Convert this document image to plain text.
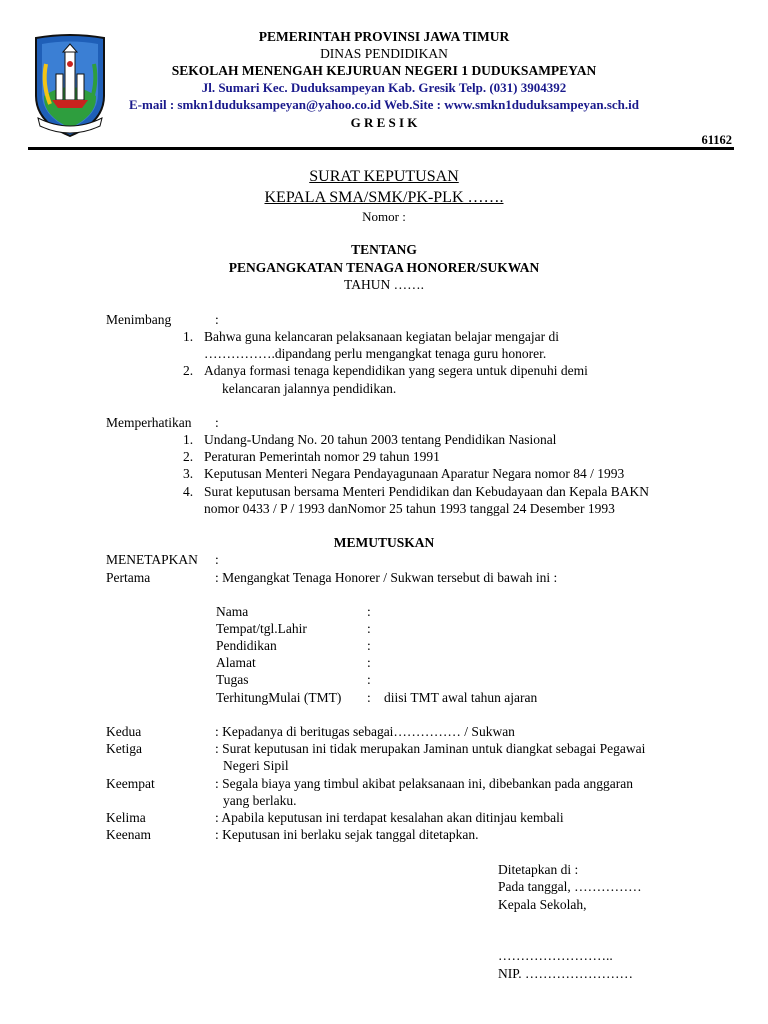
PEMERINTAH PROVINSI JAWA TIMUR
DINAS PENDIDIKAN
SEKOLAH MENENGAH KEJURUAN NEGERI 1 DUDUKSAMPEYAN
Jl. Sumari Kec. Duduksampeyan Kab. Gresik Telp. (031) 3904392
E-mail : smkn1duduksampeyan@yahoo.co.id Web.Site : www.smkn1duduksampeyan.sch.id
G R E S I K
61162
SURAT KEPUTUSAN
KEPALA SMA/SMK/PK-PLK …….
Nomor :
TENTANG
PENGANGKATAN TENAGA HONORER/SUKWAN
TAHUN …….
Menimbang	:
1. Bahwa guna kelancaran pelaksanaan kegiatan belajar mengajar di
…………….dipandang perlu mengangkat tenaga guru honorer.
2. Adanya formasi tenaga kependidikan yang segera untuk dipenuhi demi
kelancaran jalannya pendidikan.
Memperhatikan :
1. Undang-Undang No. 20 tahun 2003 tentang Pendidikan Nasional
2. Peraturan Pemerintah nomor 29 tahun 1991
3. Keputusan Menteri Negara Pendayagunaan Aparatur Negara nomor 84 / 1993
4. Surat keputusan bersama Menteri Pendidikan dan Kebudayaan dan Kepala BAKN
nomor 0433 / P / 1993 danNomor 25 tahun 1993 tanggal 24 Desember 1993
MEMUTUSKAN
MENETAPKAN :
Pertama	: Mengangkat Tenaga Honorer / Sukwan tersebut di bawah ini :
Nama	:
Tempat/tgl.Lahir	:
Pendidikan	:
Alamat	:
Tugas	:
TerhitungMulai (TMT) : diisi TMT awal tahun ajaran
Kedua	: Kepadanya di beritugas sebagai…………… / Sukwan
Ketiga	: Surat keputusan ini tidak merupakan Jaminan untuk diangkat sebagai Pegawai
Negeri Sipil
Keempat	: Segala biaya yang timbul akibat pelaksanaan ini, dibebankan pada anggaran
yang berlaku.
Kelima	: Apabila keputusan ini terdapat kesalahan akan ditinjau kembali
Keenam	: Keputusan ini berlaku sejak tanggal ditetapkan.
Ditetapkan di :
Pada tanggal, ……………
Kepala Sekolah,
……………………..
NIP. ……………………
